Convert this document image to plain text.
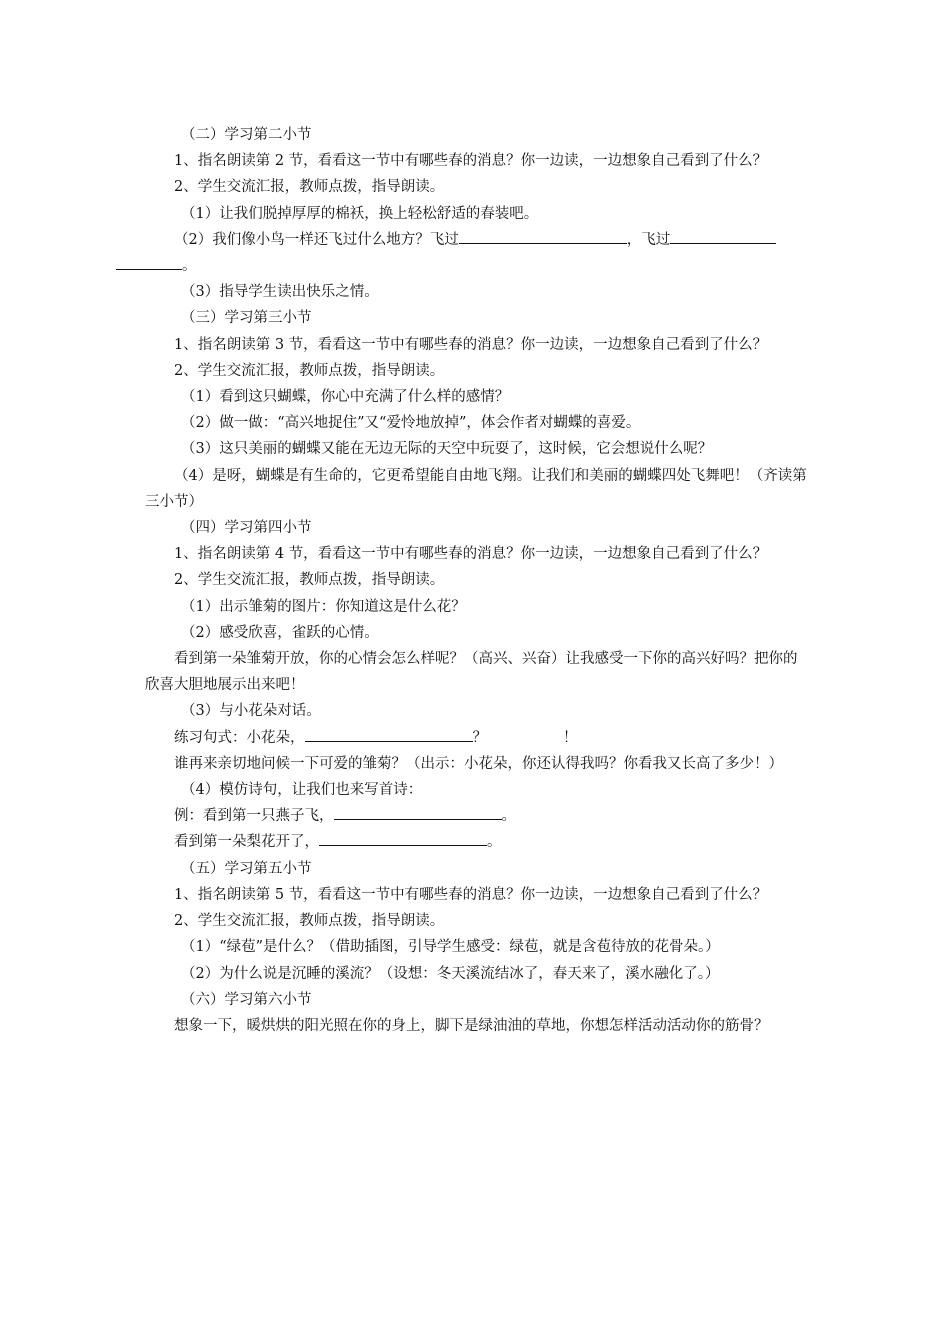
（二）学习第二小节

1、指名朗读第 2 节，看看这一节中有哪些春的消息？你一边读，一边想象自己看到了什么？

2、学生交流汇报，教师点拨，指导朗读。

（1）让我们脱掉厚厚的棉袄，换上轻松舒适的春装吧。

（2）我们像小鸟一样还飞过什么地方？飞过	，飞过
。

（3）指导学生读出快乐之情。

（三）学习第三小节

1、指名朗读第 3 节，看看这一节中有哪些春的消息？你一边读，一边想象自己看到了什么？

2、学生交流汇报，教师点拨，指导朗读。

（1）看到这只蝴蝶，你心中充满了什么样的感情？

（2）做一做：“高兴地捉住”又“爱怜地放掉”，体会作者对蝴蝶的喜爱。

（3）这只美丽的蝴蝶又能在无边无际的天空中玩耍了，这时候，它会想说什么呢？

（4）是呀，蝴蝶是有生命的，它更希望能自由地飞翔。让我们和美丽的蝴蝶四处飞舞吧！（齐读第三小节）

（四）学习第四小节

1、指名朗读第 4 节，看看这一节中有哪些春的消息？你一边读，一边想象自己看到了什么？

2、学生交流汇报，教师点拨，指导朗读。

（1）出示雏菊的图片：你知道这是什么花？

（2）感受欣喜，雀跃的心情。

看到第一朵雏菊开放，你的心情会怎么样呢？（高兴、兴奋）让我感受一下你的高兴好吗？把你的欣喜大胆地展示出来吧！

（3）与小花朵对话。

练习句式：小花朵，	？	！

谁再来亲切地问候一下可爱的雏菊？（出示：小花朵，你还认得我吗？你看我又长高了多少！）

（4）模仿诗句，让我们也来写首诗：

例：看到第一只燕子飞，	。

看到第一朵梨花开了，	。

（五）学习第五小节

1、指名朗读第 5 节，看看这一节中有哪些春的消息？你一边读，一边想象自己看到了什么？

2、学生交流汇报，教师点拨，指导朗读。

（1）“绿苞”是什么？（借助插图，引导学生感受：绿苞，就是含苞待放的花骨朵。）

（2）为什么说是沉睡的溪流？（设想：冬天溪流结冰了，春天来了，溪水融化了。）

（六）学习第六小节

想象一下，暖烘烘的阳光照在你的身上，脚下是绿油油的草地，你想怎样活动活动你的筋骨？
